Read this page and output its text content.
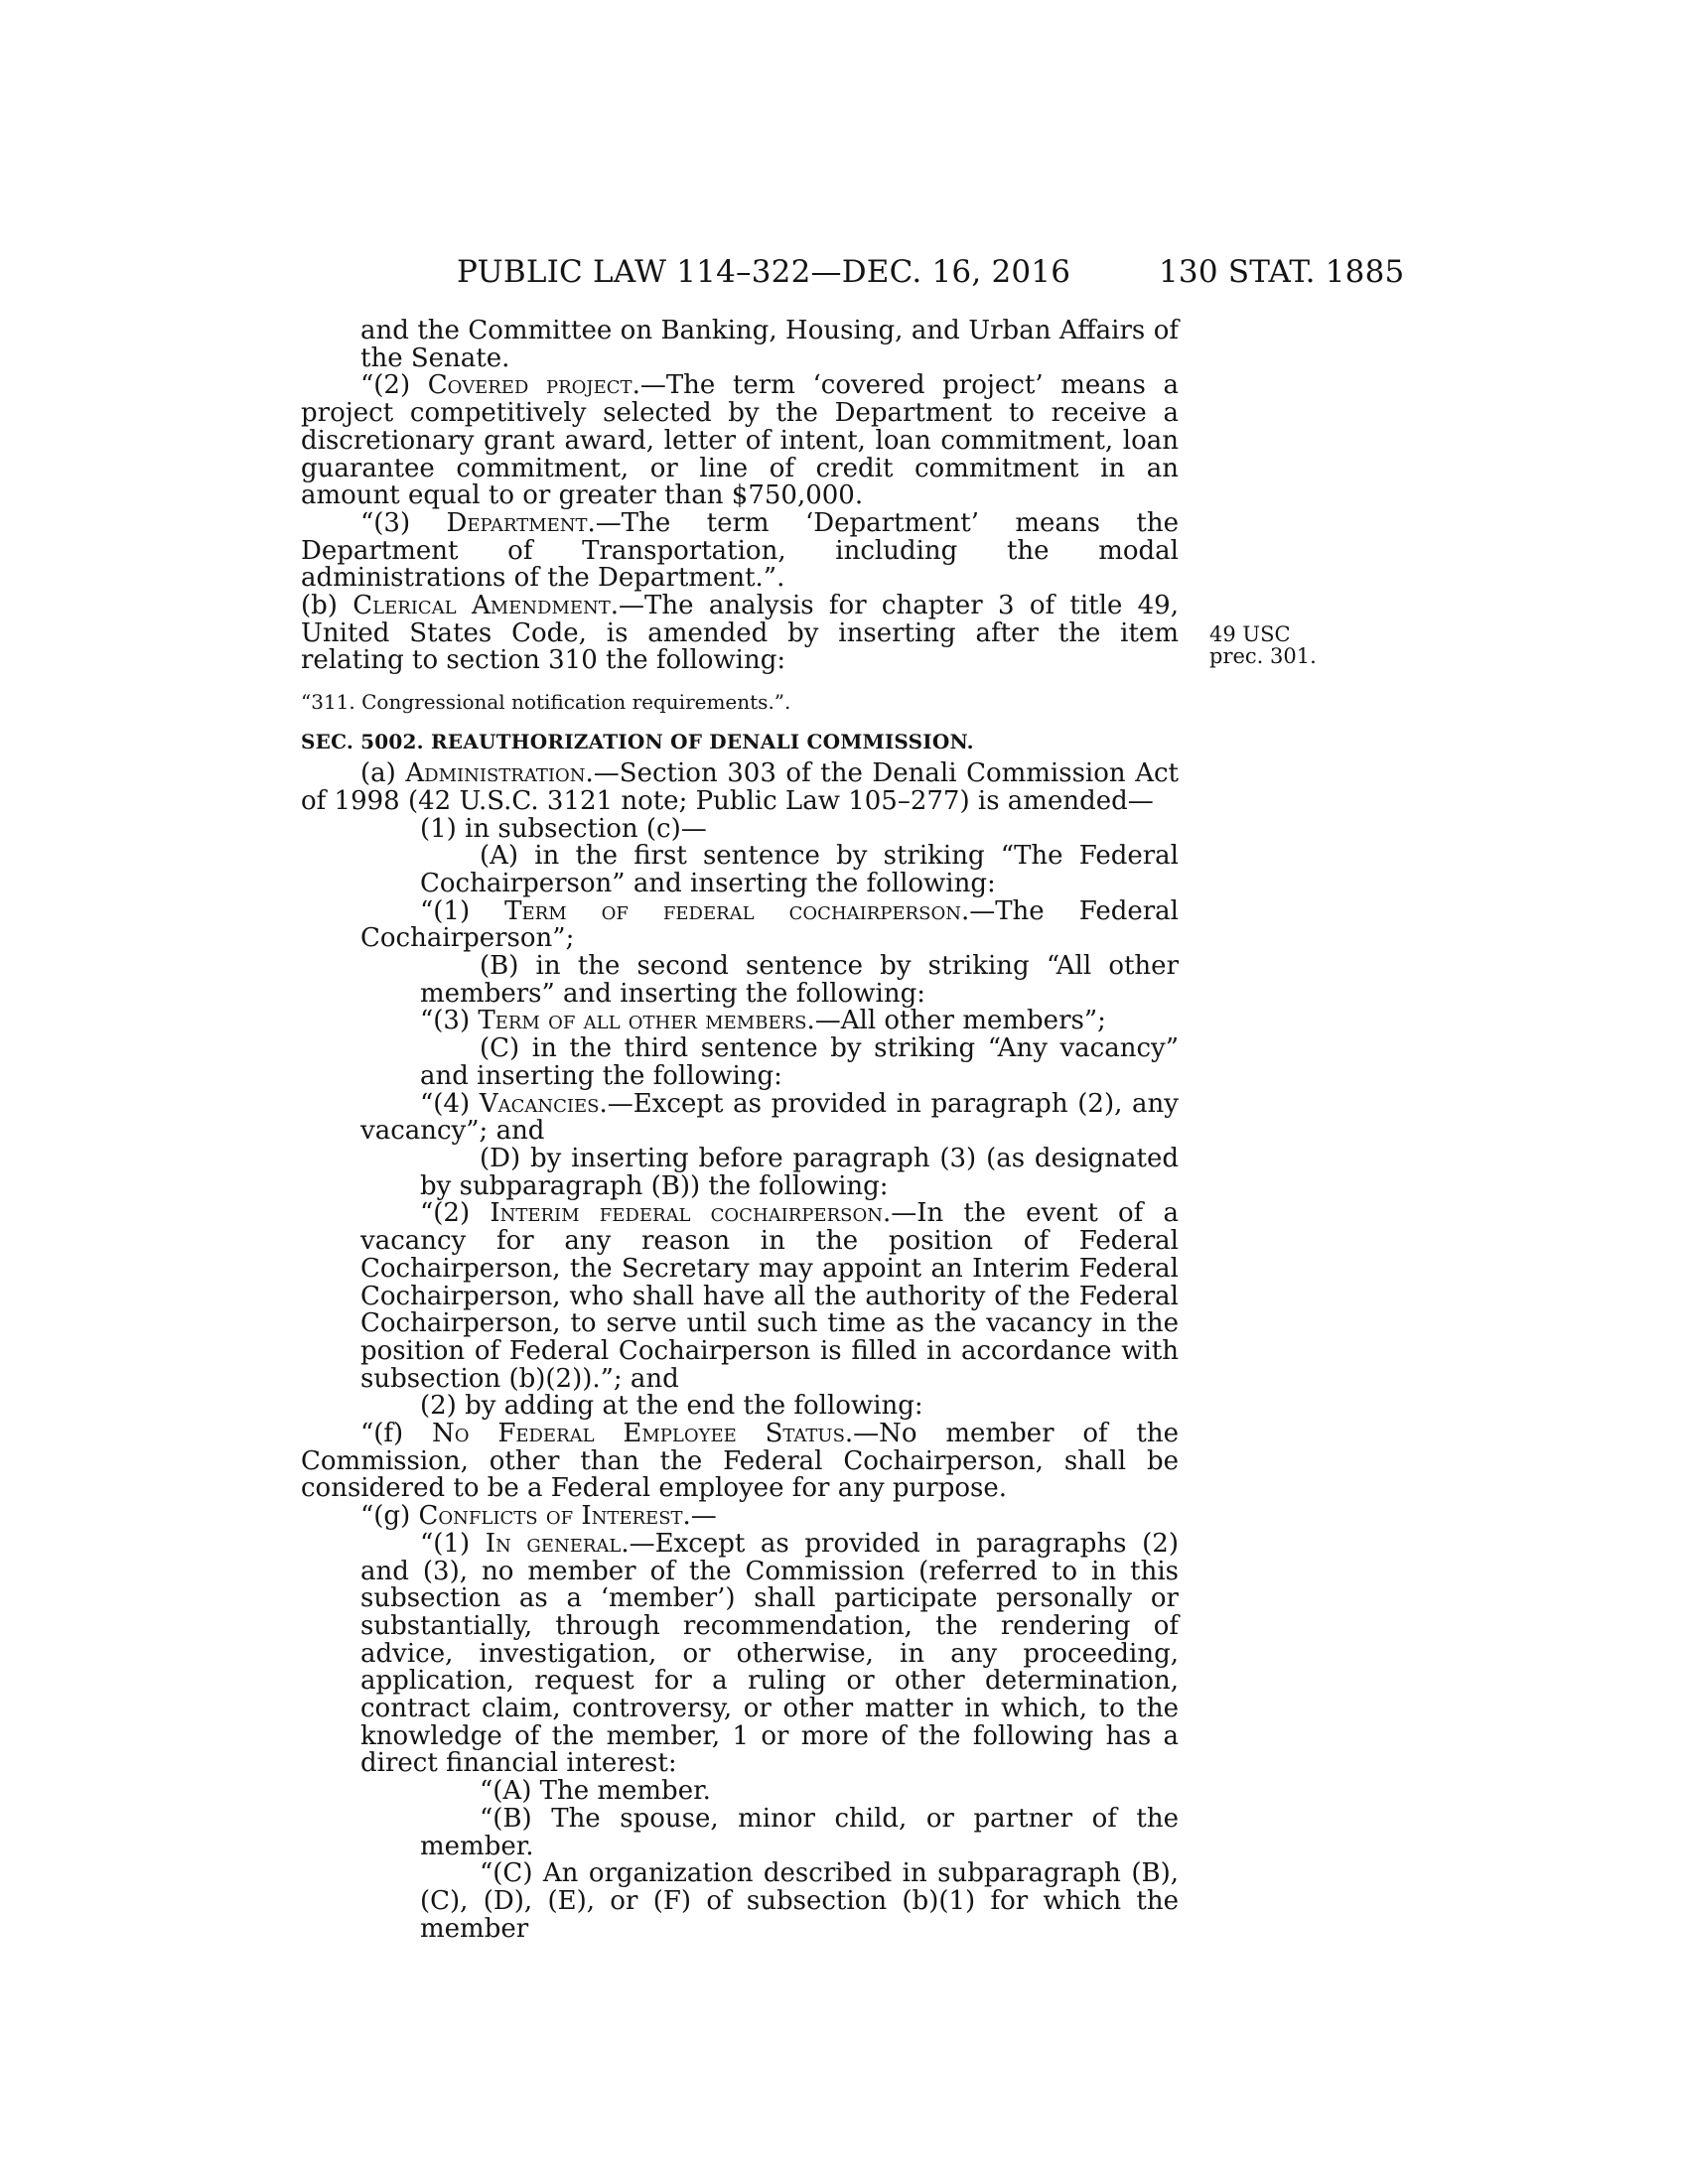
PUBLIC LAW 114–322—DEC. 16, 2016	130 STAT. 1885
49 USC
prec. 301.

and the Committee on Banking, Housing, and Urban Affairs of the Senate.

“(2) Covered project.—The term ‘covered project’ means a project competitively selected by the Department to receive a discretionary grant award, letter of intent, loan commitment, loan guarantee commitment, or line of credit commitment in an amount equal to or greater than $750,000.

“(3) Department.—The term ‘Department’ means the Department of Transportation, including the modal administrations of the Department.”.

(b) Clerical Amendment.—The analysis for chapter 3 of title 49, United States Code, is amended by inserting after the item relating to section 310 the following:

“311. Congressional notification requirements.”.

SEC. 5002. REAUTHORIZATION OF DENALI COMMISSION.

(a) Administration.—Section 303 of the Denali Commission Act of 1998 (42 U.S.C. 3121 note; Public Law 105–277) is amended—

(1) in subsection (c)—

(A) in the first sentence by striking “The Federal Cochairperson” and inserting the following:

“(1) Term of federal cochairperson.—The Federal Cochairperson”;

(B) in the second sentence by striking “All other members” and inserting the following:

“(3) Term of all other members.—All other members”;

(C) in the third sentence by striking “Any vacancy” and inserting the following:

“(4) Vacancies.—Except as provided in paragraph (2), any vacancy”; and

(D) by inserting before paragraph (3) (as designated by subparagraph (B)) the following:

“(2) Interim federal cochairperson.—In the event of a vacancy for any reason in the position of Federal Cochairperson, the Secretary may appoint an Interim Federal Cochairperson, who shall have all the authority of the Federal Cochairperson, to serve until such time as the vacancy in the position of Federal Cochairperson is filled in accordance with subsection (b)(2)).”; and

(2) by adding at the end the following:

“(f) No Federal Employee Status.—No member of the Commission, other than the Federal Cochairperson, shall be considered to be a Federal employee for any purpose.

“(g) Conflicts of Interest.—

“(1) In general.—Except as provided in paragraphs (2) and (3), no member of the Commission (referred to in this subsection as a ‘member’) shall participate personally or substantially, through recommendation, the rendering of advice, investigation, or otherwise, in any proceeding, application, request for a ruling or other determination, contract claim, controversy, or other matter in which, to the knowledge of the member, 1 or more of the following has a direct financial interest:

“(A) The member.

“(B) The spouse, minor child, or partner of the member.

“(C) An organization described in subparagraph (B), (C), (D), (E), or (F) of subsection (b)(1) for which the member
